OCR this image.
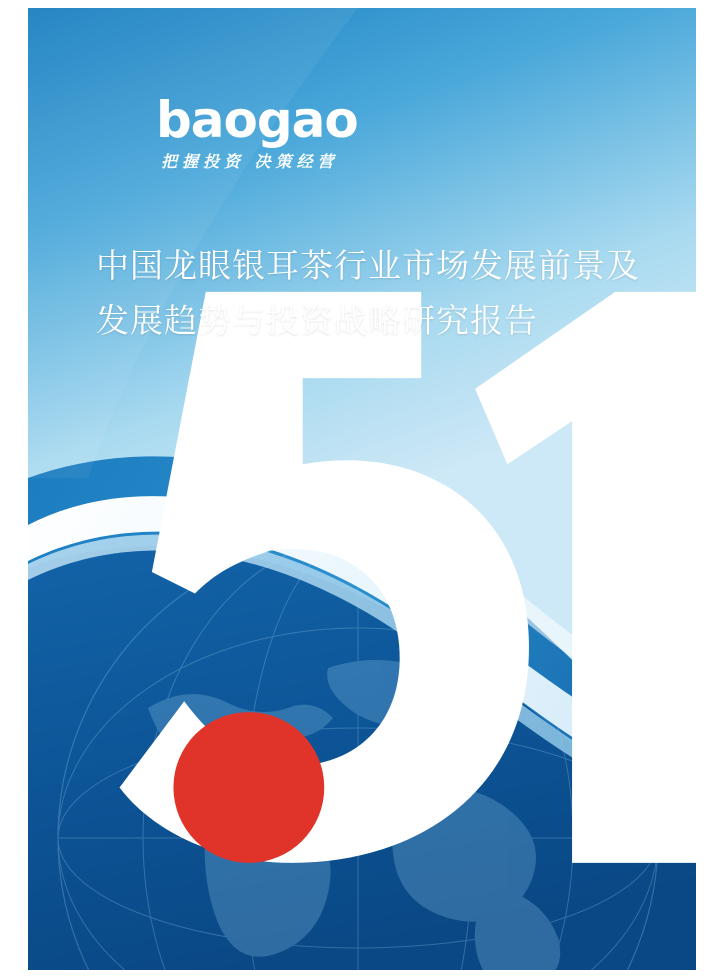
baogao
把握投资 决策经营
中国龙眼银耳茶行业市场发展前景及
发展趋势与投资战略研究报告
